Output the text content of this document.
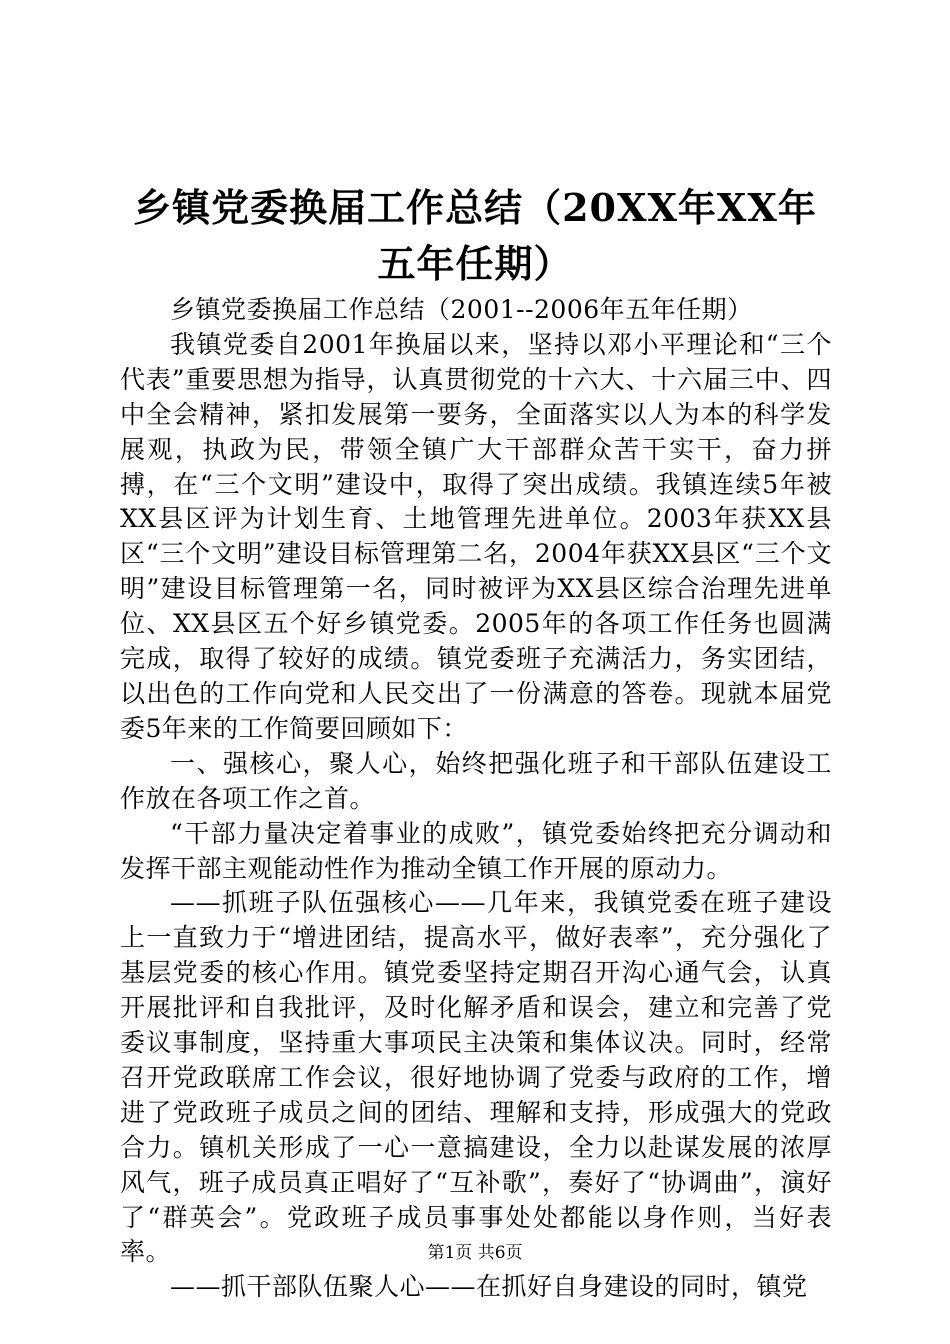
乡镇党委换届工作总结（20XX年XX年五年任期）

乡镇党委换届工作总结（2001--2006年五年任期）

我镇党委自2001年换届以来，坚持以邓小平理论和“三个代表”重要思想为指导，认真贯彻党的十六大、十六届三中、四中全会精神，紧扣发展第一要务，全面落实以人为本的科学发展观，执政为民，带领全镇广大干部群众苦干实干，奋力拼搏，在“三个文明”建设中，取得了突出成绩。我镇连续5年被XX县区评为计划生育、土地管理先进单位。2003年获XX县区“三个文明”建设目标管理第二名，2004年获XX县区“三个文明”建设目标管理第一名，同时被评为XX县区综合治理先进单位、XX县区五个好乡镇党委。2005年的各项工作任务也圆满完成，取得了较好的成绩。镇党委班子充满活力，务实团结，以出色的工作向党和人民交出了一份满意的答卷。现就本届党委5年来的工作简要回顾如下：

一、强核心，聚人心，始终把强化班子和干部队伍建设工作放在各项工作之首。

“干部力量决定着事业的成败”，镇党委始终把充分调动和发挥干部主观能动性作为推动全镇工作开展的原动力。

——抓班子队伍强核心——几年来，我镇党委在班子建设上一直致力于“增进团结，提高水平，做好表率”，充分强化了基层党委的核心作用。镇党委坚持定期召开沟心通气会，认真开展批评和自我批评，及时化解矛盾和误会，建立和完善了党委议事制度，坚持重大事项民主决策和集体议决。同时，经常召开党政联席工作会议，很好地协调了党委与政府的工作，增进了党政班子成员之间的团结、理解和支持，形成强大的党政合力。镇机关形成了一心一意搞建设，全力以赴谋发展的浓厚风气，班子成员真正唱好了“互补歌”，奏好了“协调曲”，演好了“群英会”。党政班子成员事事处处都能以身作则，当好表率。

——抓干部队伍聚人心——在抓好自身建设的同时，镇党

第1页 共6页
